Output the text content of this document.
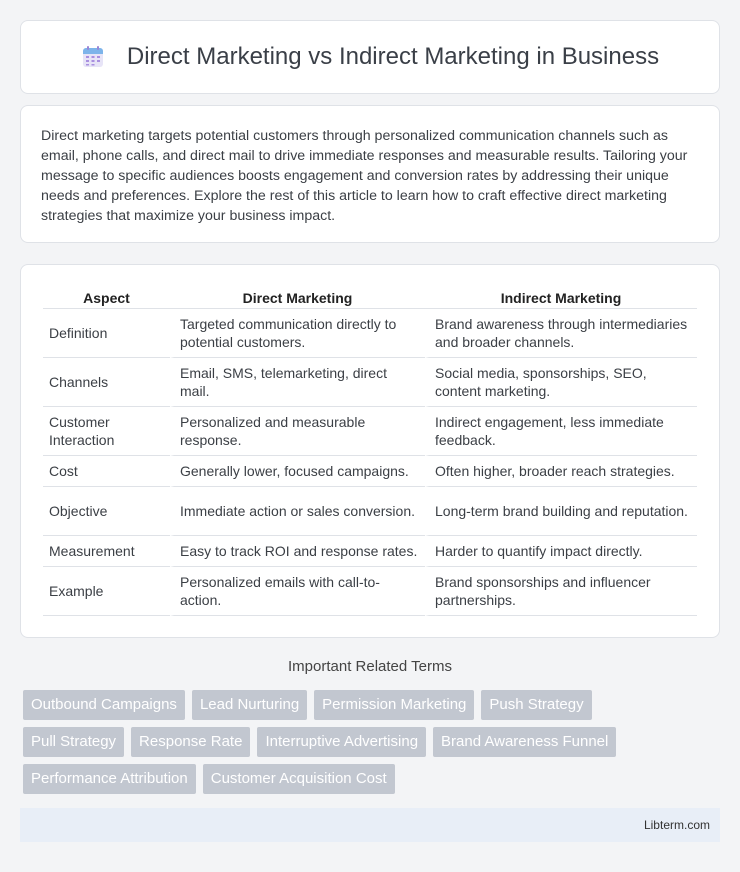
Direct Marketing vs Indirect Marketing in Business

Direct marketing targets potential customers through personalized communication channels such as email, phone calls, and direct mail to drive immediate responses and measurable results. Tailoring your message to specific audiences boosts engagement and conversion rates by addressing their unique needs and preferences. Explore the rest of this article to learn how to craft effective direct marketing strategies that maximize your business impact.

Aspect	Direct Marketing	Indirect Marketing
Definition	Targeted communication directly to potential customers.	Brand awareness through intermediaries and broader channels.
Channels	Email, SMS, telemarketing, direct mail.	Social media, sponsorships, SEO, content marketing.
Customer Interaction	Personalized and measurable response.	Indirect engagement, less immediate feedback.
Cost	Generally lower, focused campaigns.	Often higher, broader reach strategies.
Objective	Immediate action or sales conversion.	Long-term brand building and reputation.
Measurement	Easy to track ROI and response rates.	Harder to quantify impact directly.
Example	Personalized emails with call-to-action.	Brand sponsorships and influencer partnerships.
Important Related Terms
Outbound Campaigns	Lead Nurturing	Permission Marketing	Push Strategy
Pull Strategy	Response Rate	Interruptive Advertising	Brand Awareness Funnel
Performance Attribution	Customer Acquisition Cost
Libterm.com
